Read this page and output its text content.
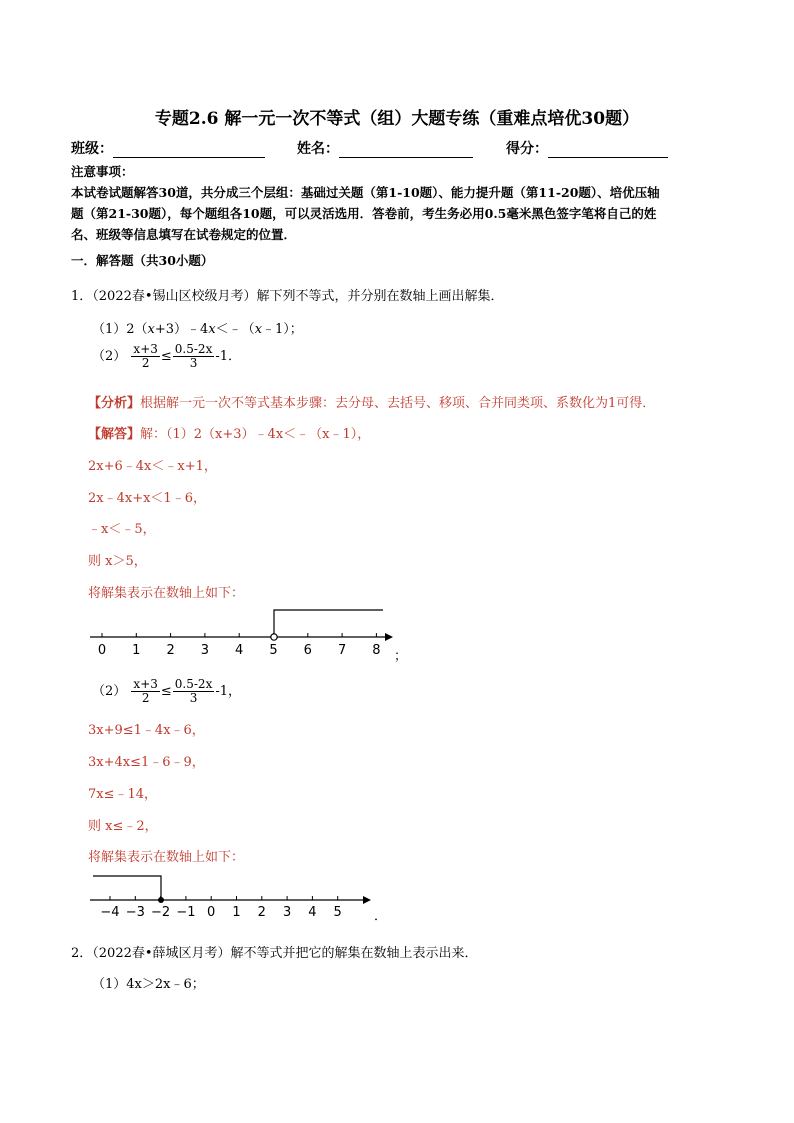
专题2.6 解一元一次不等式（组）大题专练（重难点培优30题）
班级：	姓名：	得分：
注意事项：
本试卷试题解答30道，共分成三个层组：基础过关题（第1-10题）、能力提升题（第11-20题）、培优压轴
题（第21-30题），每个题组各10题，可以灵活选用．答卷前，考生务必用0.5毫米黑色签字笔将自己的姓
名、班级等信息填写在试卷规定的位置．
一．解答题（共30小题）
1．（2022春•锡山区校级月考）解下列不等式，并分别在数轴上画出解集．
（1）2（x+3）﹣4x＜﹣（x﹣1）；
$(2) \frac{x+3}{2} \le \frac{0.5-2x}{3} -1$．
【分析】根据解一元一次不等式基本步骤：去分母、去括号、移项、合并同类项、系数化为1可得．
【解答】解：（1）2（x+3）﹣4x＜﹣（x﹣1），
2x+6﹣4x＜﹣x+1，
2x﹣4x+x＜1﹣6，
﹣x＜﹣5，
则 x＞5，
将解集表示在数轴上如下：
0 1 2 3 4 5 6 7 8 ；
$(2) \frac{x+3}{2} \le \frac{0.5-2x}{3} -1$，
3x+9≤1﹣4x﹣6，
3x+4x≤1﹣6﹣9，
7x≤﹣14，
则 x≤﹣2，
将解集表示在数轴上如下：
−4 −3 −2 −1 0 1 2 3 4 5 ．
2．（2022春•薛城区月考）解不等式并把它的解集在数轴上表示出来．
（1）4x＞2x﹣6；
